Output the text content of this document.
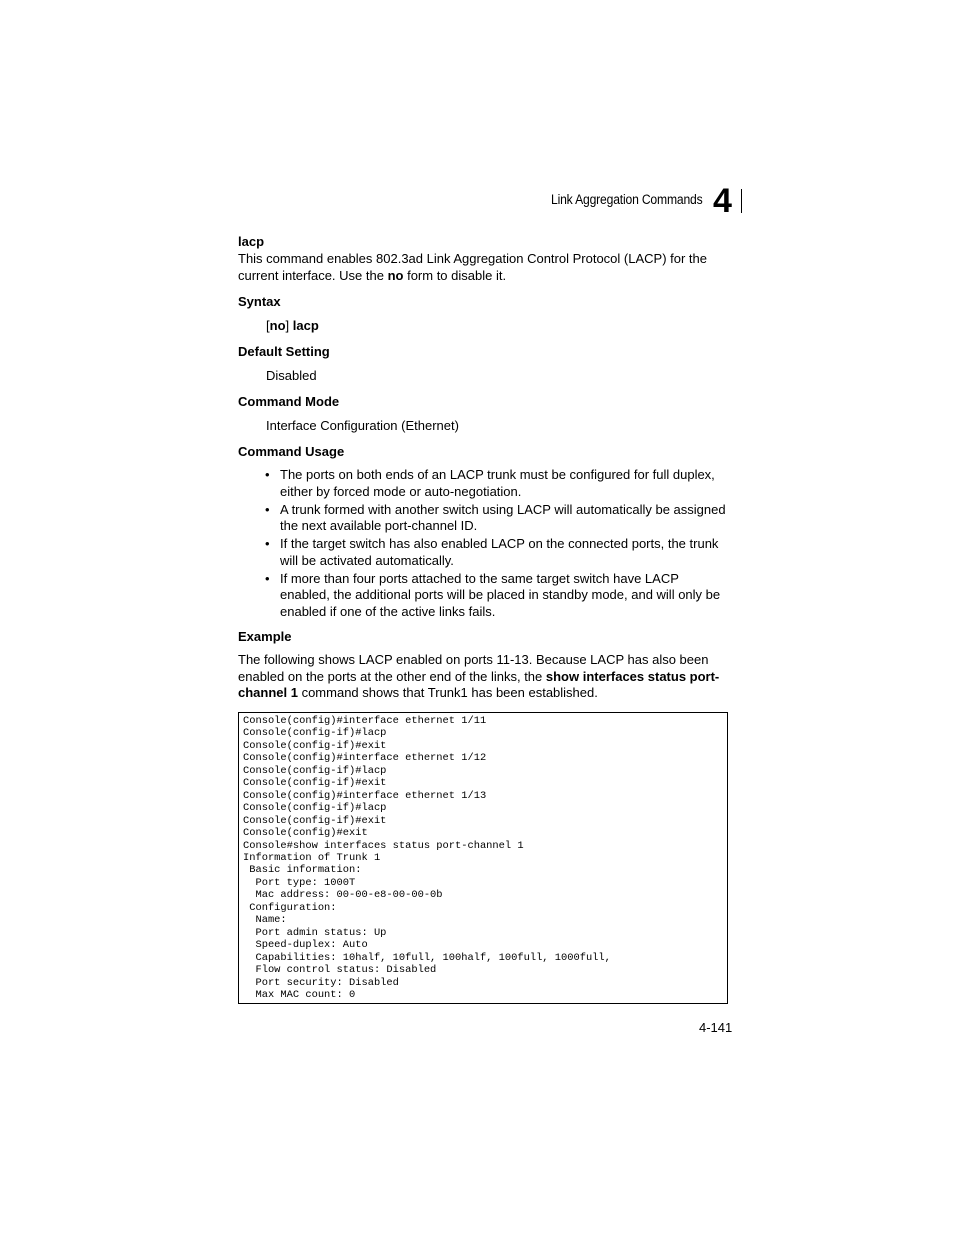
Link Aggregation Commands 4
lacp
This command enables 802.3ad Link Aggregation Control Protocol (LACP) for the current interface. Use the no form to disable it.
Syntax
[no] lacp
Default Setting
Disabled
Command Mode
Interface Configuration (Ethernet)
Command Usage
• The ports on both ends of an LACP trunk must be configured for full duplex, either by forced mode or auto-negotiation.
• A trunk formed with another switch using LACP will automatically be assigned the next available port-channel ID.
• If the target switch has also enabled LACP on the connected ports, the trunk will be activated automatically.
• If more than four ports attached to the same target switch have LACP enabled, the additional ports will be placed in standby mode, and will only be enabled if one of the active links fails.
Example
The following shows LACP enabled on ports 11-13. Because LACP has also been enabled on the ports at the other end of the links, the show interfaces status port-channel 1 command shows that Trunk1 has been established.
Console(config)#interface ethernet 1/11
Console(config-if)#lacp
Console(config-if)#exit
Console(config)#interface ethernet 1/12
Console(config-if)#lacp
Console(config-if)#exit
Console(config)#interface ethernet 1/13
Console(config-if)#lacp
Console(config-if)#exit
Console(config)#exit
Console#show interfaces status port-channel 1
Information of Trunk 1
Basic information:
Port type: 1000T
Mac address: 00-00-e8-00-00-0b
Configuration:
Name:
Port admin status: Up
Speed-duplex: Auto
Capabilities: 10half, 10full, 100half, 100full, 1000full,
Flow control status: Disabled
Port security: Disabled
Max MAC count: 0
4-141
